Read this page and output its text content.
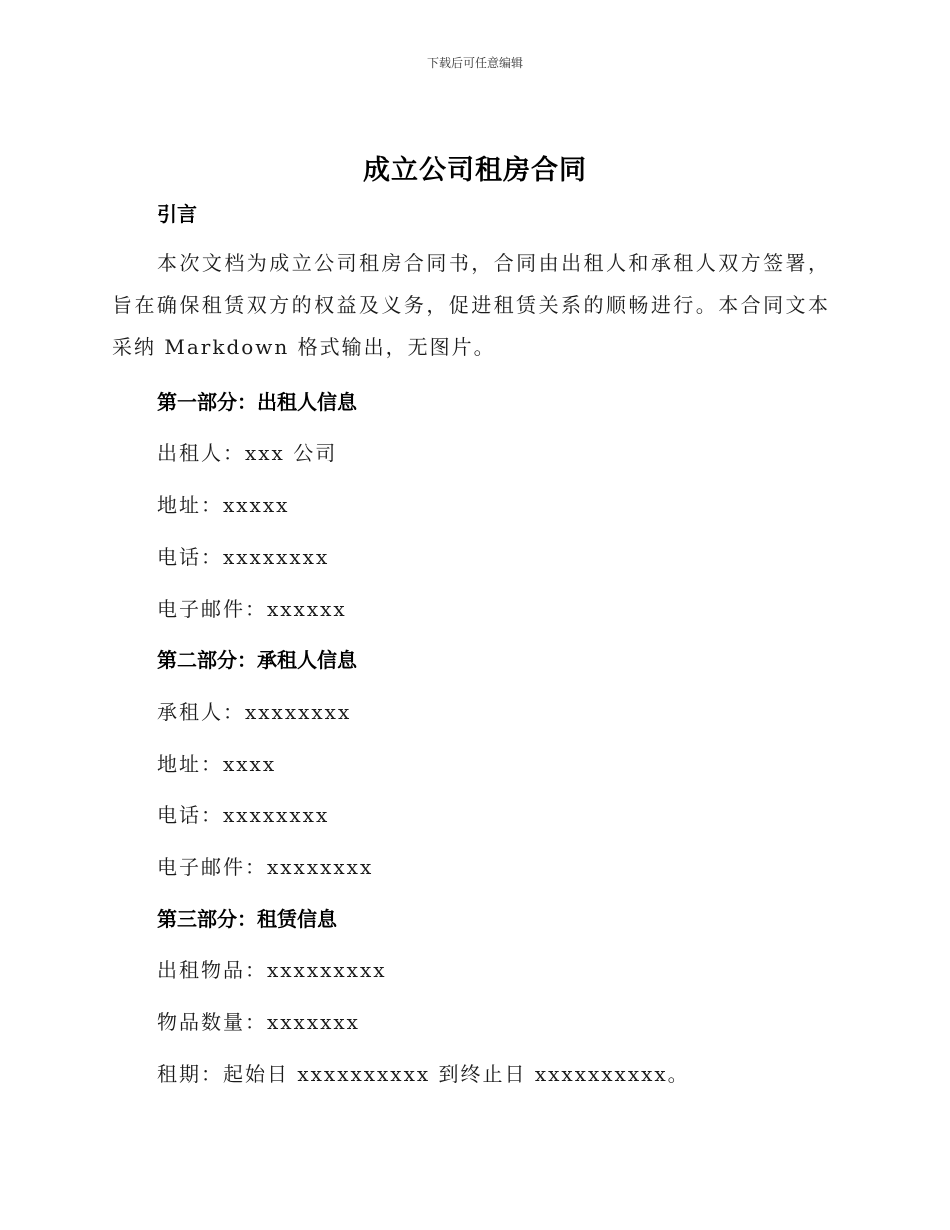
下载后可任意编辑
成立公司租房合同
引言
本次文档为成立公司租房合同书，合同由出租人和承租人双方签署，旨在确保租赁双方的权益及义务，促进租赁关系的顺畅进行。本合同文本采纳 Markdown 格式输出，无图片。
第一部分：出租人信息
出租人：xxx 公司
地址：xxxxx
电话：xxxxxxxx
电子邮件：xxxxxx
第二部分：承租人信息
承租人：xxxxxxxx
地址：xxxx
电话：xxxxxxxx
电子邮件：xxxxxxxx
第三部分：租赁信息
出租物品：xxxxxxxxx
物品数量：xxxxxxx
租期：起始日 xxxxxxxxxx 到终止日 xxxxxxxxxx。
